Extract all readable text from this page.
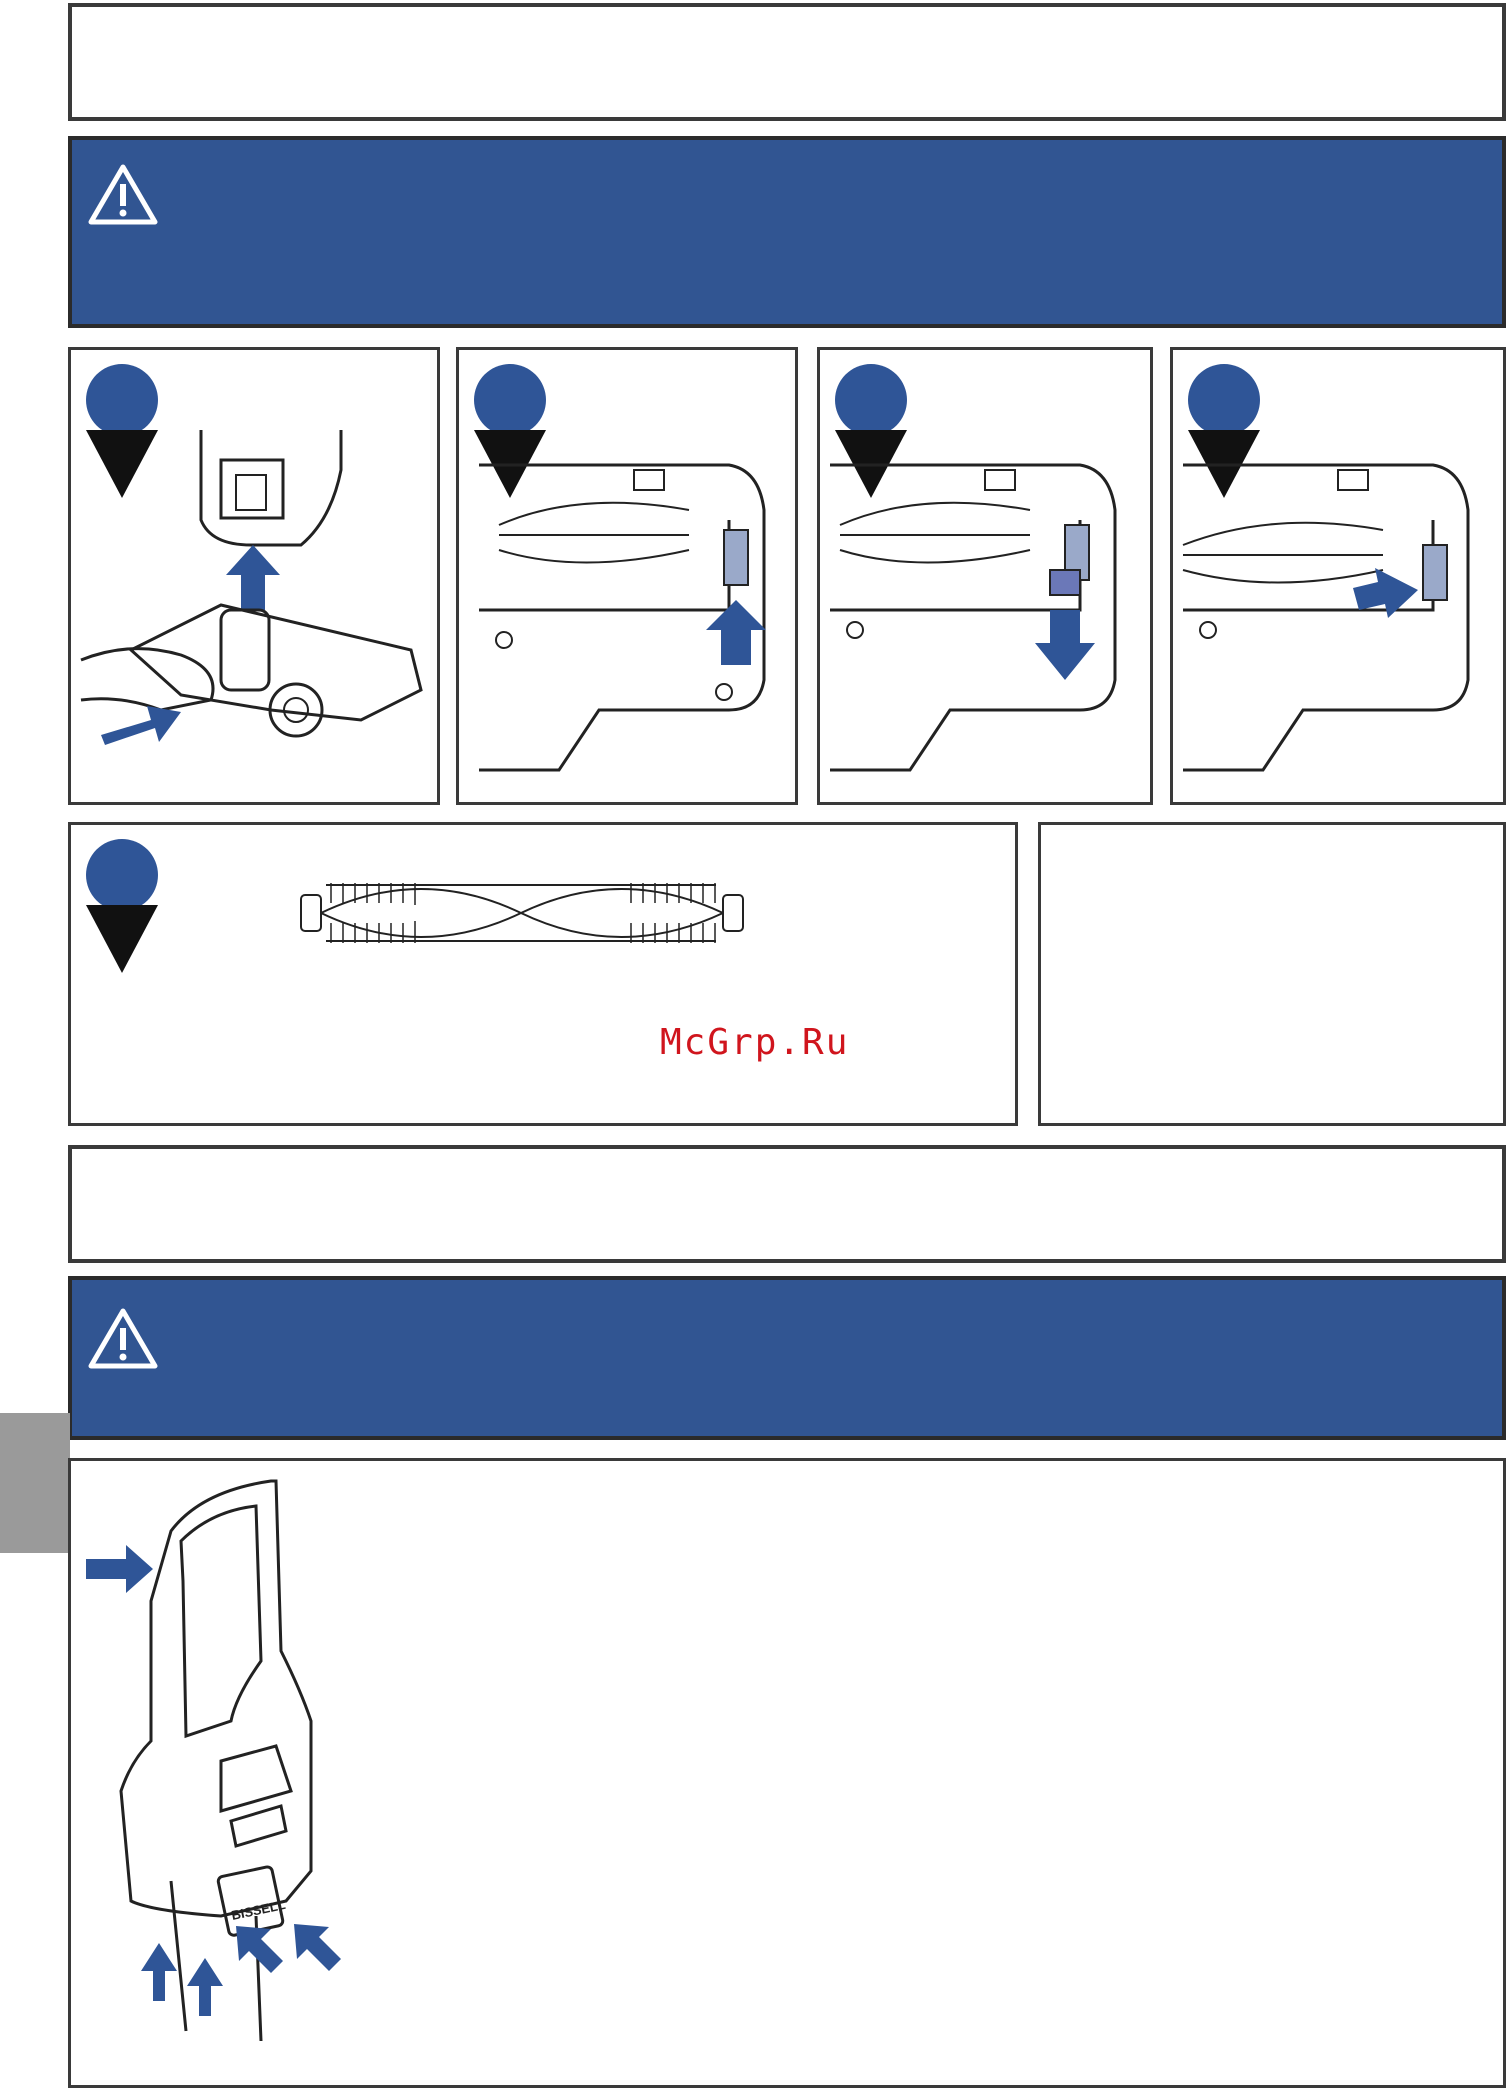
McGrp.Ru
BISSELL
